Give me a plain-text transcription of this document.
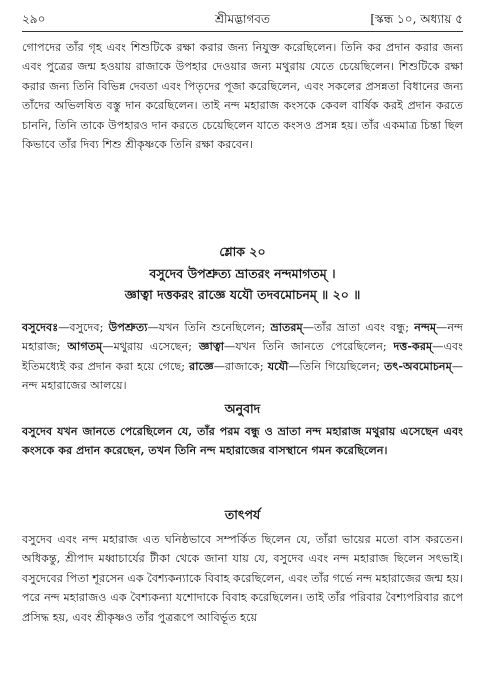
২৯০	শ্রীমদ্ভাগবত	[স্কন্ধ ১০, অধ্যায় ৫

গোপদের তাঁর গৃহ এবং শিশুটিকে রক্ষা করার জন্য নিযুক্ত করেছিলেন। তিনি কর প্রদান করার জন্য এবং পুত্রের জন্ম হওয়ায় রাজাকে উপহার দেওয়ার জন্য মথুরায় যেতে চেয়েছিলেন। শিশুটিকে রক্ষা করার জন্য তিনি বিভিন্ন দেবতা এবং পিতৃদের পূজা করেছিলেন, এবং সকলের প্রসন্নতা বিধানের জন্য তাঁদের অভিলষিত বস্তু দান করেছিলেন। তাই নন্দ মহারাজ কংসকে কেবল বার্ষিক করই প্রদান করতে চাননি, তিনি তাকে উপহারও দান করতে চেয়েছিলেন যাতে কংসও প্রসন্ন হয়। তাঁর একমাত্র চিন্তা ছিল কিভাবে তাঁর দিব্য শিশু শ্রীকৃষ্ণকে তিনি রক্ষা করবেন।

শ্লোক ২০
বসুদেব উপশ্রুত্য ভ্রাতরং নন্দমাগতম্ ।
জ্ঞাত্বা দত্তকরং রাজ্ঞে যযৌ তদবমোচনম্ ॥ ২০ ॥

বসুদেবঃ—বসুদেব; উপশ্রুত্য—যখন তিনি শুনেছিলেন; ভ্রাতরম্—তাঁর ভ্রাতা এবং বন্ধু; নন্দম্—নন্দ মহারাজ; আগতম্—মথুরায় এসেছেন; জ্ঞাত্বা—যখন তিনি জানতে পেরেছিলেন; দত্ত-করম্—এবং ইতিমধ্যেই কর প্রদান করা হয়ে গেছে; রাজ্ঞে—রাজাকে; যযৌ—তিনি গিয়েছিলেন; তৎ-অবমোচনম্—নন্দ মহারাজের আলয়ে।

অনুবাদ

বসুদেব যখন জানতে পেরেছিলেন যে, তাঁর পরম বন্ধু ও ভ্রাতা নন্দ মহারাজ মথুরায় এসেছেন এবং কংসকে কর প্রদান করেছেন, তখন তিনি নন্দ মহারাজের বাসস্থানে গমন করেছিলেন।

তাৎপর্য

বসুদেব এবং নন্দ মহারাজ এত ঘনিষ্ঠভাবে সম্পর্কিত ছিলেন যে, তাঁরা ভায়ের মতো বাস করতেন। অধিকন্তু, শ্রীপাদ মধ্বাচার্যের টীকা থেকে জানা যায় যে, বসুদেব এবং নন্দ মহারাজ ছিলেন সৎভাই। বসুদেবের পিতা শূরসেন এক বৈশ্যকন্যাকে বিবাহ করেছিলেন, এবং তাঁর গর্ভে নন্দ মহারাজের জন্ম হয়। পরে নন্দ মহারাজও এক বৈশ্যকন্যা যশোদাকে বিবাহ করেছিলেন। তাই তাঁর পরিবার বৈশ্যপরিবার রূপে প্রসিদ্ধ হয়, এবং শ্রীকৃষ্ণও তাঁর পুত্ররূপে আবির্ভূত হয়ে
